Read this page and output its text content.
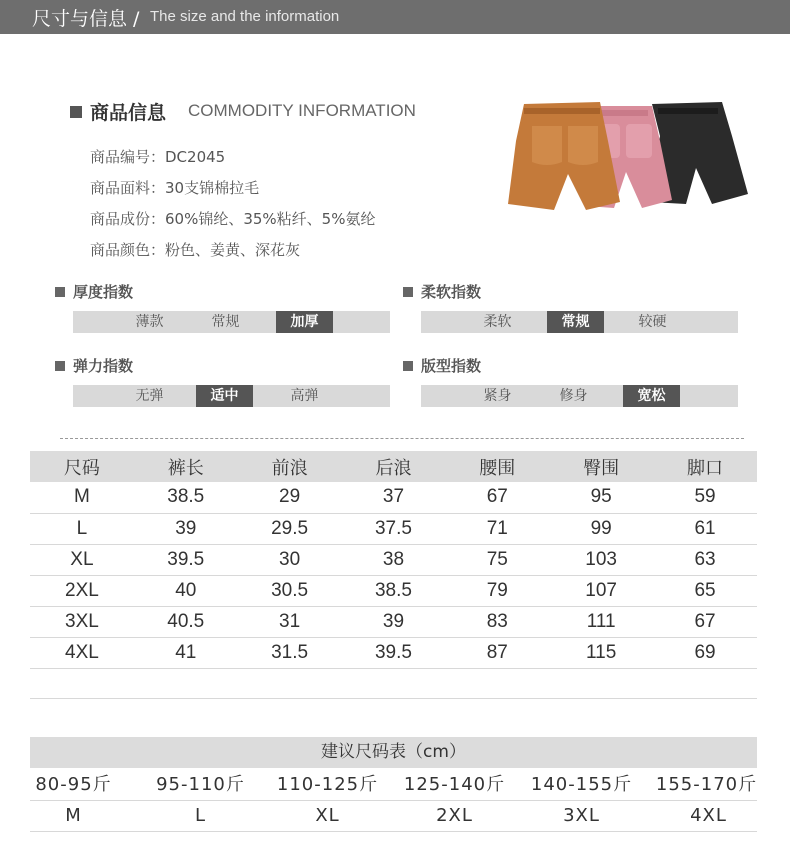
尺寸与信息 / The size and the information
商品信息 COMMODITY INFORMATION
商品编号：DC2045
商品面料：30支锦棉拉毛
商品成份：60%锦纶、35%粘纤、5%氨纶
商品颜色：粉色、姜黄、深花灰
厚度指数
薄款	常规	加厚
柔软指数
柔软	常规	较硬
弹力指数
无弹	适中	高弹
版型指数
紧身	修身	宽松
尺码	裤长	前浪	后浪	腰围	臀围	脚口
M	38.5	29	37	67	95	59
L	39	29.5	37.5	71	99	61
XL	39.5	30	38	75	103	63
2XL	40	30.5	38.5	79	107	65
3XL	40.5	31	39	83	111	67
4XL	41	31.5	39.5	87	115	69
建议尺码表（cm）
80-95斤	95-110斤	110-125斤	125-140斤	140-155斤	155-170斤
M	L	XL	2XL	3XL	4XL
